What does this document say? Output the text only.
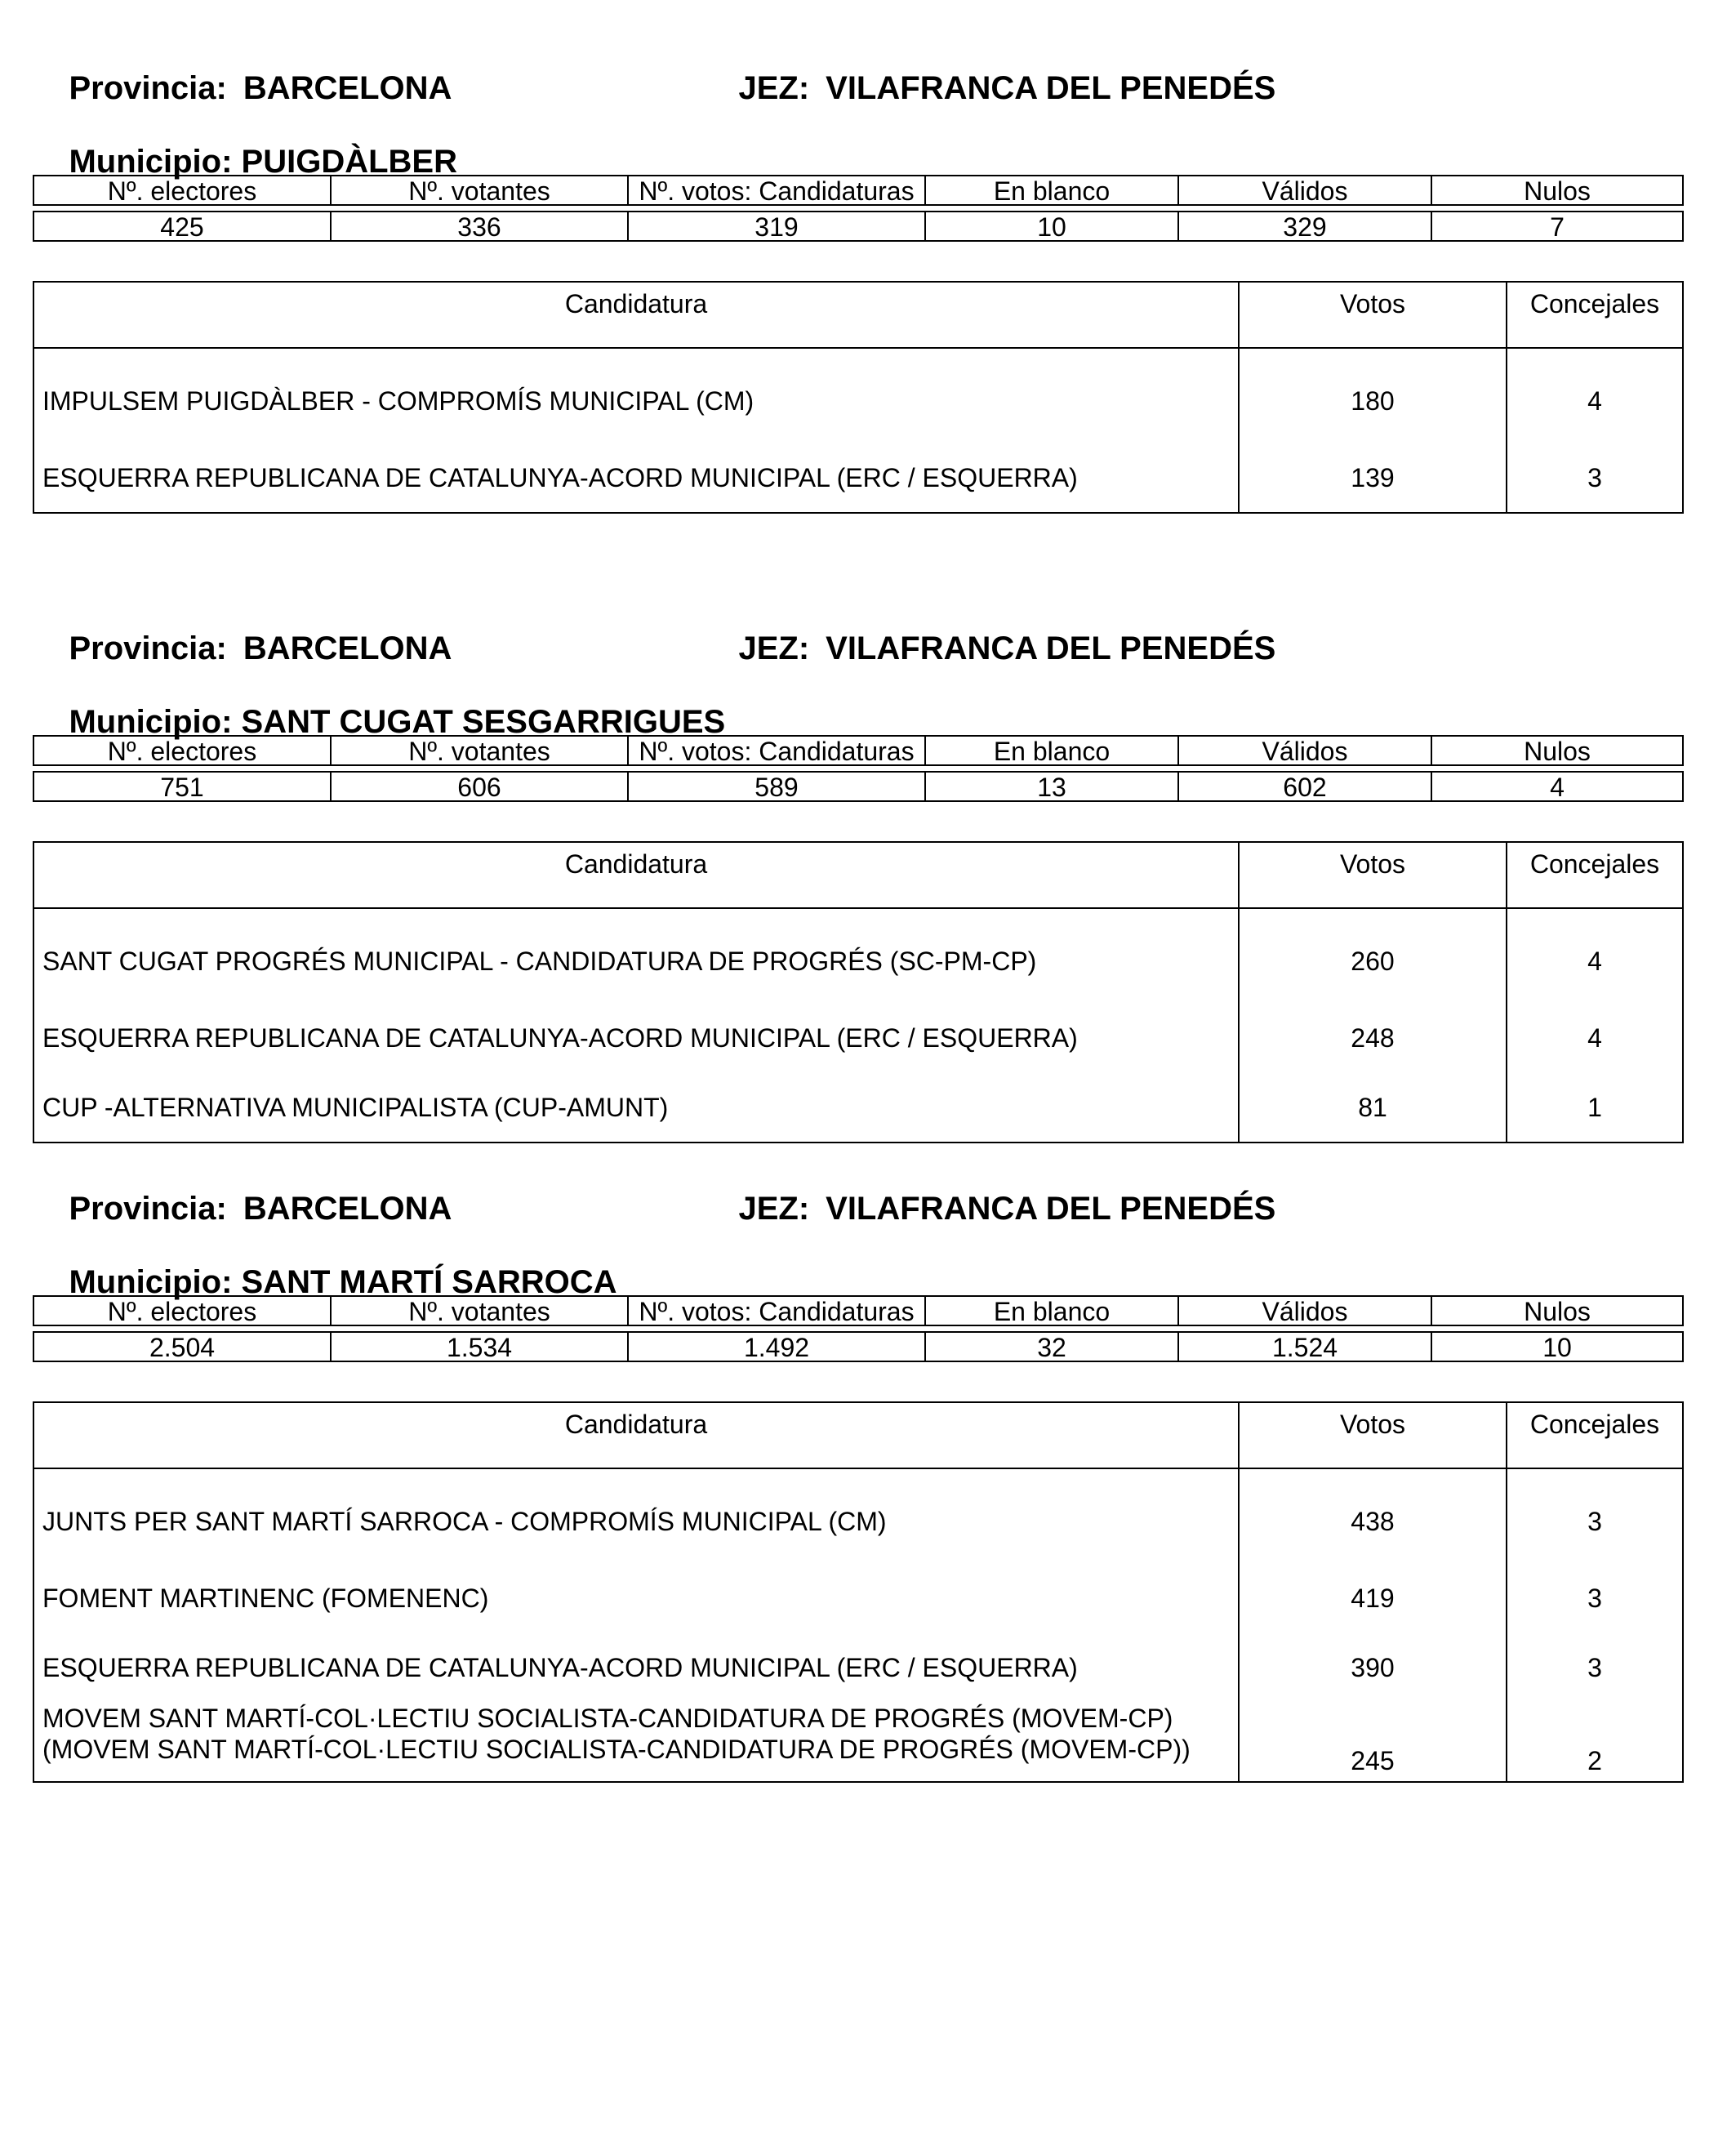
Provincia: BARCELONA
	JEZ: VILAFRANCA DEL PENEDÉS

Municipio: PUIGDÀLBER

Nº. electores	Nº. votantes	Nº. votos: Candidaturas	En blanco	Válidos	Nulos

425	336	319	10	329	7
Candidatura	Votos	Concejales
IMPULSEM PUIGDÀLBER - COMPROMÍS MUNICIPAL (CM)	180	4
ESQUERRA REPUBLICANA DE CATALUNYA-ACORD MUNICIPAL (ERC / ESQUERRA)	139	3

Provincia: BARCELONA
	JEZ: VILAFRANCA DEL PENEDÉS

Municipio: SANT CUGAT SESGARRIGUES

Nº. electores	Nº. votantes	Nº. votos: Candidaturas	En blanco	Válidos	Nulos

751	606	589	13	602	4
Candidatura	Votos	Concejales
SANT CUGAT PROGRÉS MUNICIPAL - CANDIDATURA DE PROGRÉS (SC-PM-CP)	260	4
ESQUERRA REPUBLICANA DE CATALUNYA-ACORD MUNICIPAL (ERC / ESQUERRA)	248	4
CUP -ALTERNATIVA MUNICIPALISTA (CUP-AMUNT)	81	1

Provincia: BARCELONA
	JEZ: VILAFRANCA DEL PENEDÉS

Municipio: SANT MARTÍ SARROCA

Nº. electores	Nº. votantes	Nº. votos: Candidaturas	En blanco	Válidos	Nulos

2.504	1.534	1.492	32	1.524	10
Candidatura	Votos	Concejales
JUNTS PER SANT MARTÍ SARROCA - COMPROMÍS MUNICIPAL (CM)	438	3
FOMENT MARTINENC (FOMENENC)	419	3
ESQUERRA REPUBLICANA DE CATALUNYA-ACORD MUNICIPAL (ERC / ESQUERRA)	390	3

MOVEM SANT MARTÍ-COL·LECTIU SOCIALISTA-CANDIDATURA DE PROGRÉS (MOVEM-CP)
(MOVEM SANT MARTÍ-COL·LECTIU SOCIALISTA-CANDIDATURA DE PROGRÉS (MOVEM-CP))	245	2
